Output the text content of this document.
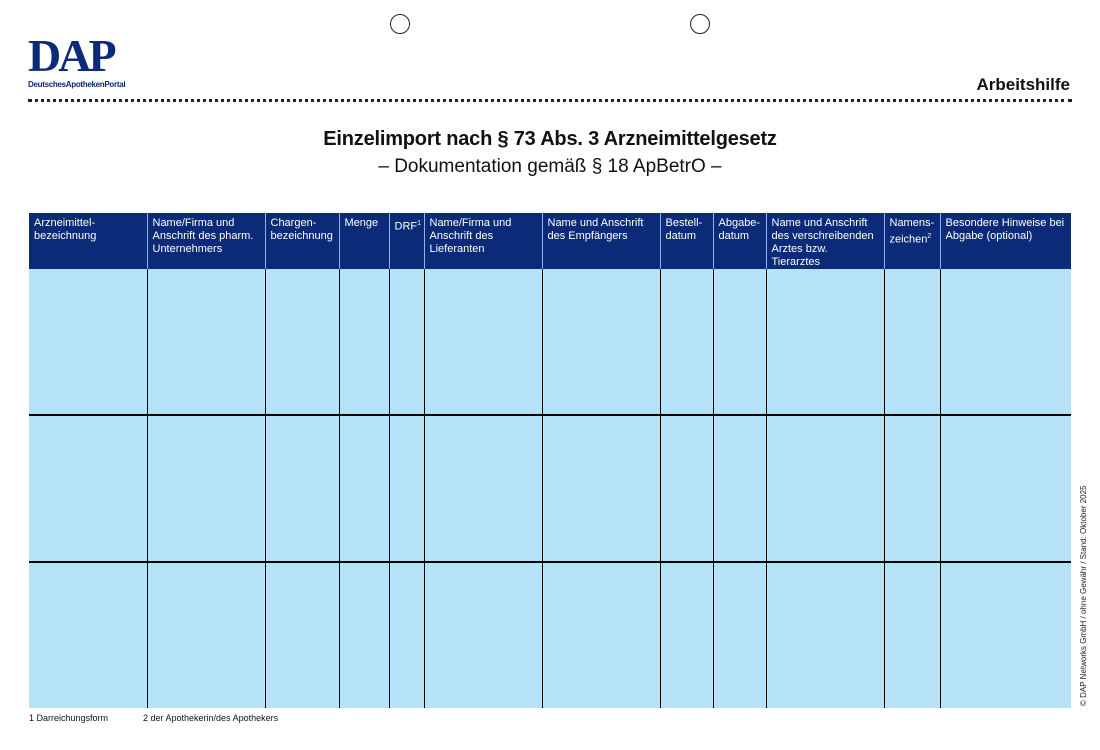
DAP
DeutschesApothekenPortal	Arbeitshilfe
Einzelimport nach § 73 Abs. 3 Arzneimittelgesetz
– Dokumentation gemäß § 18 ApBetrO –
Arzneimittel- bezeichnung	Name/Firma und Anschrift des pharm. Unternehmers	Chargen- bezeichnung	Menge	DRF$^1$	Name/Firma und Anschrift des Lieferanten	Name und Anschrift des Empfängers	Bestell- datum	Abgabe- datum	Name und Anschrift des verschreibenden Arztes bzw. Tierarztes	Namens- zeichen$^2$	Besondere Hinweise bei Abgabe (optional)

1 Darreichungsform	2 der Apothekerin/des Apothekers
© DAP Networks GmbH / ohne Gewähr / Stand: Oktober 2025
